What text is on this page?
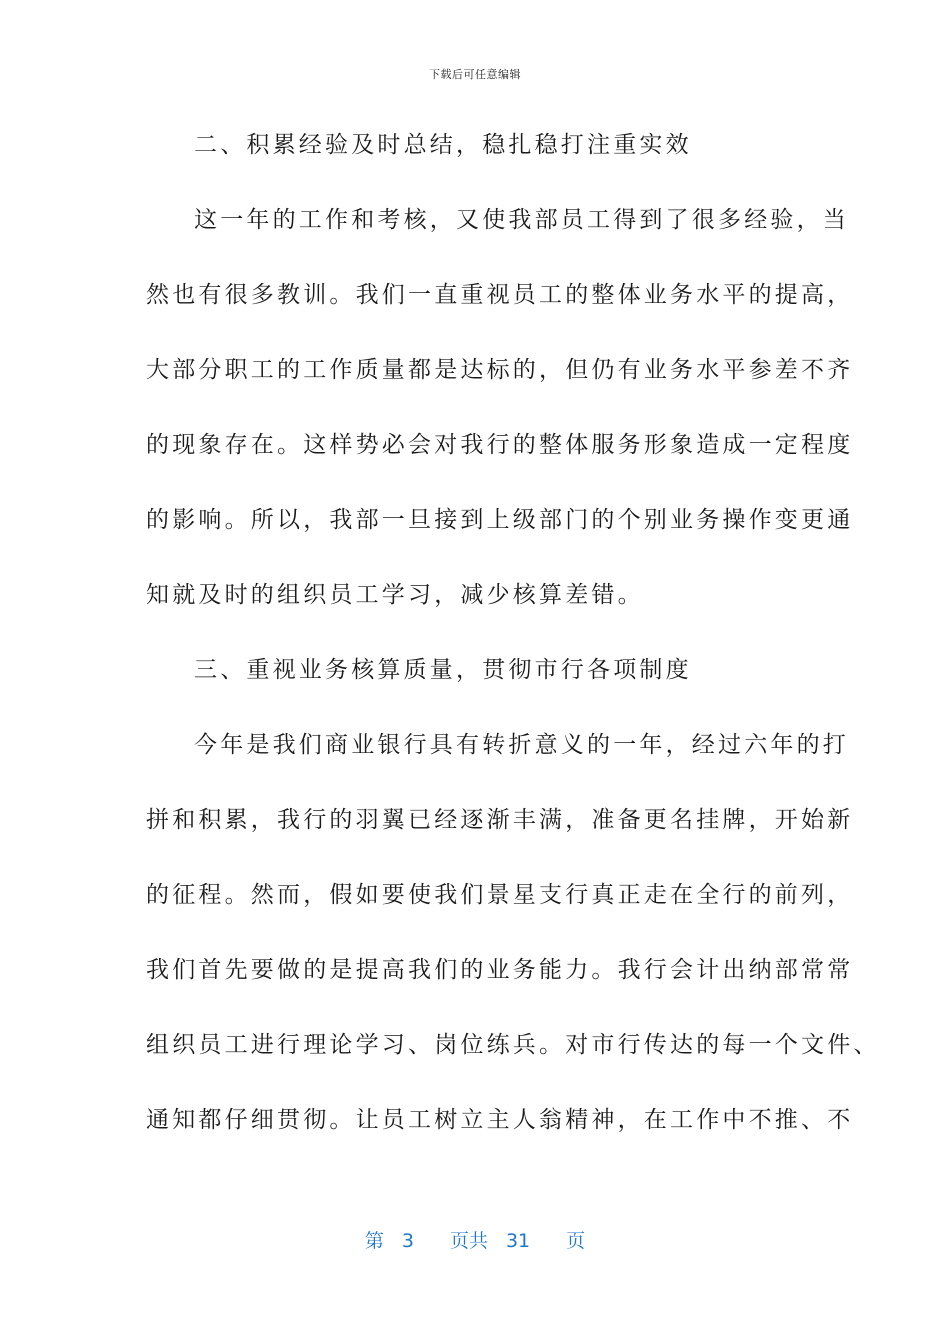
下载后可任意编辑
二、积累经验及时总结，稳扎稳打注重实效
这一年的工作和考核，又使我部员工得到了很多经验，当
然也有很多教训。我们一直重视员工的整体业务水平的提高，
大部分职工的工作质量都是达标的，但仍有业务水平参差不齐
的现象存在。这样势必会对我行的整体服务形象造成一定程度
的影响。所以，我部一旦接到上级部门的个别业务操作变更通
知就及时的组织员工学习，减少核算差错。
三、重视业务核算质量，贯彻市行各项制度
今年是我们商业银行具有转折意义的一年，经过六年的打
拼和积累，我行的羽翼已经逐渐丰满，准备更名挂牌，开始新
的征程。然而，假如要使我们景星支行真正走在全行的前列，
我们首先要做的是提高我们的业务能力。我行会计出纳部常常
组织员工进行理论学习、岗位练兵。对市行传达的每一个文件、
通知都仔细贯彻。让员工树立主人翁精神，在工作中不推、不
第 3 页共 31 页
